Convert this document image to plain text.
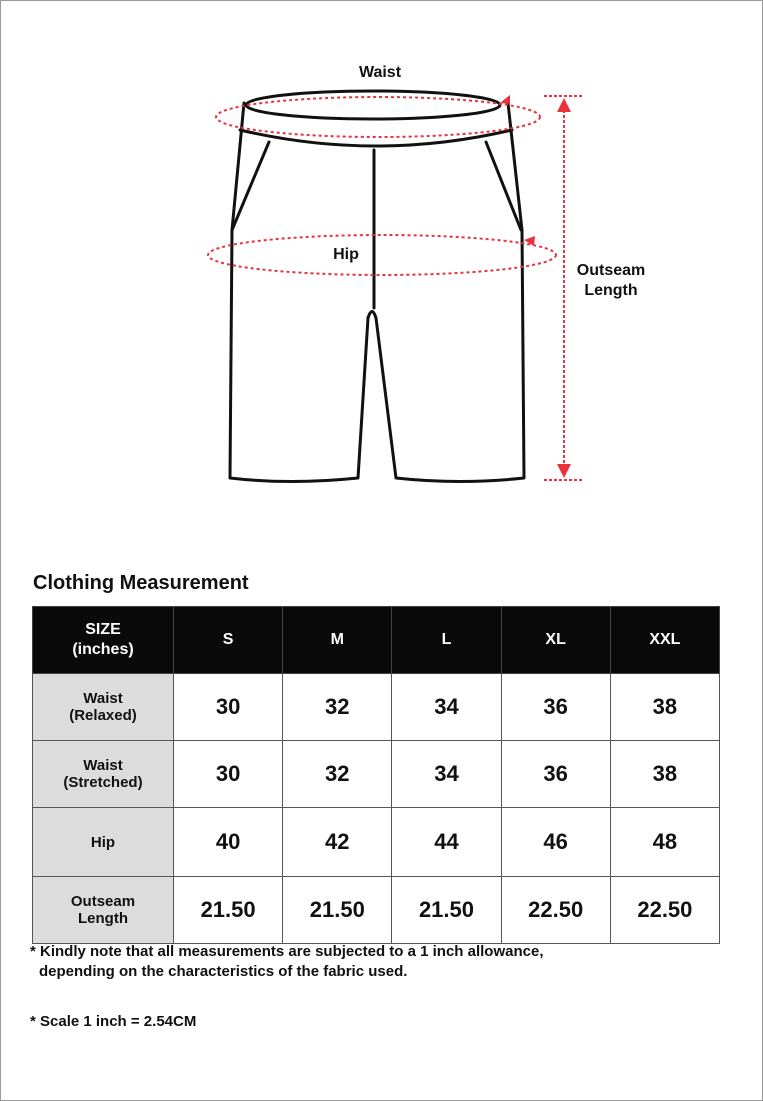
Waist
Hip
Outseam
Length
Clothing Measurement
SIZE
(inches)	S	M	L	XL	XXL

Waist
(Relaxed)	30	32	34	36	38

Waist
(Stretched)	30	32	34	36	38

Hip	40	42	44	46	48

Outseam
Length	21.50	21.50	21.50	22.50	22.50
* Kindly note that all measurements are subjected to a 1 inch allowance,
depending on the characteristics of the fabric used.
* Scale 1 inch = 2.54CM
